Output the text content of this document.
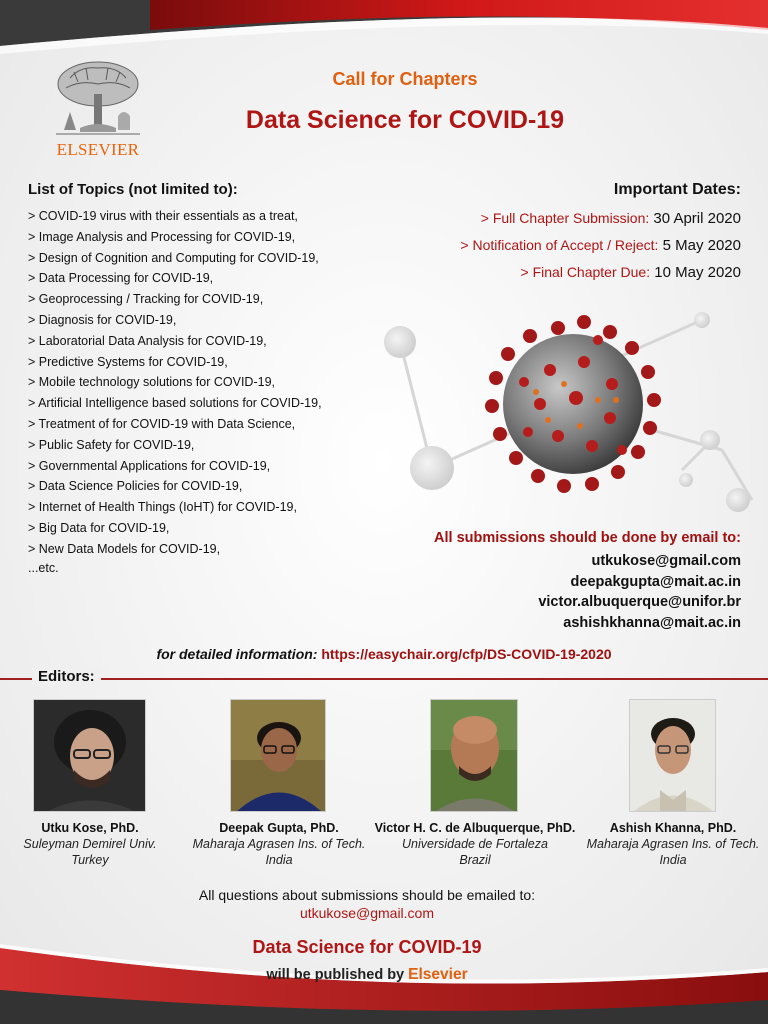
ELSEVIER
Call for Chapters
Data Science for COVID-19
List of Topics (not limited to):
> COVID-19 virus with their essentials as a treat,
> Image Analysis and Processing for COVID-19,
> Design of Cognition and Computing for COVID-19,
> Data Processing for COVID-19,
> Geoprocessing / Tracking for COVID-19,
> Diagnosis for COVID-19,
> Laboratorial Data Analysis for COVID-19,
> Predictive Systems for COVID-19,
> Mobile technology solutions for COVID-19,
> Artificial Intelligence based solutions for COVID-19,
> Treatment of for COVID-19 with Data Science,
> Public Safety for COVID-19,
> Governmental Applications for COVID-19,
> Data Science Policies for COVID-19,
> Internet of Health Things (IoHT) for COVID-19,
> Big Data for COVID-19,
> New Data Models for COVID-19,
...etc.
Important Dates:
> Full Chapter Submission: 30 April 2020
> Notification of Accept / Reject: 5 May 2020
> Final Chapter Due: 10 May 2020
All submissions should be done by email to:
utkukose@gmail.com
deepakgupta@mait.ac.in
victor.albuquerque@unifor.br
ashishkhanna@mait.ac.in
for detailed information: https://easychair.org/cfp/DS-COVID-19-2020
Editors:
Utku Kose, PhD.
Suleyman Demirel Univ.
Turkey
Deepak Gupta, PhD.
Maharaja Agrasen Ins. of Tech.
India
Victor H. C. de Albuquerque, PhD.
Universidade de Fortaleza
Brazil
Ashish Khanna, PhD.
Maharaja Agrasen Ins. of Tech.
India
All questions about submissions should be emailed to:
utkukose@gmail.com
Data Science for COVID-19
will be published by Elsevier
